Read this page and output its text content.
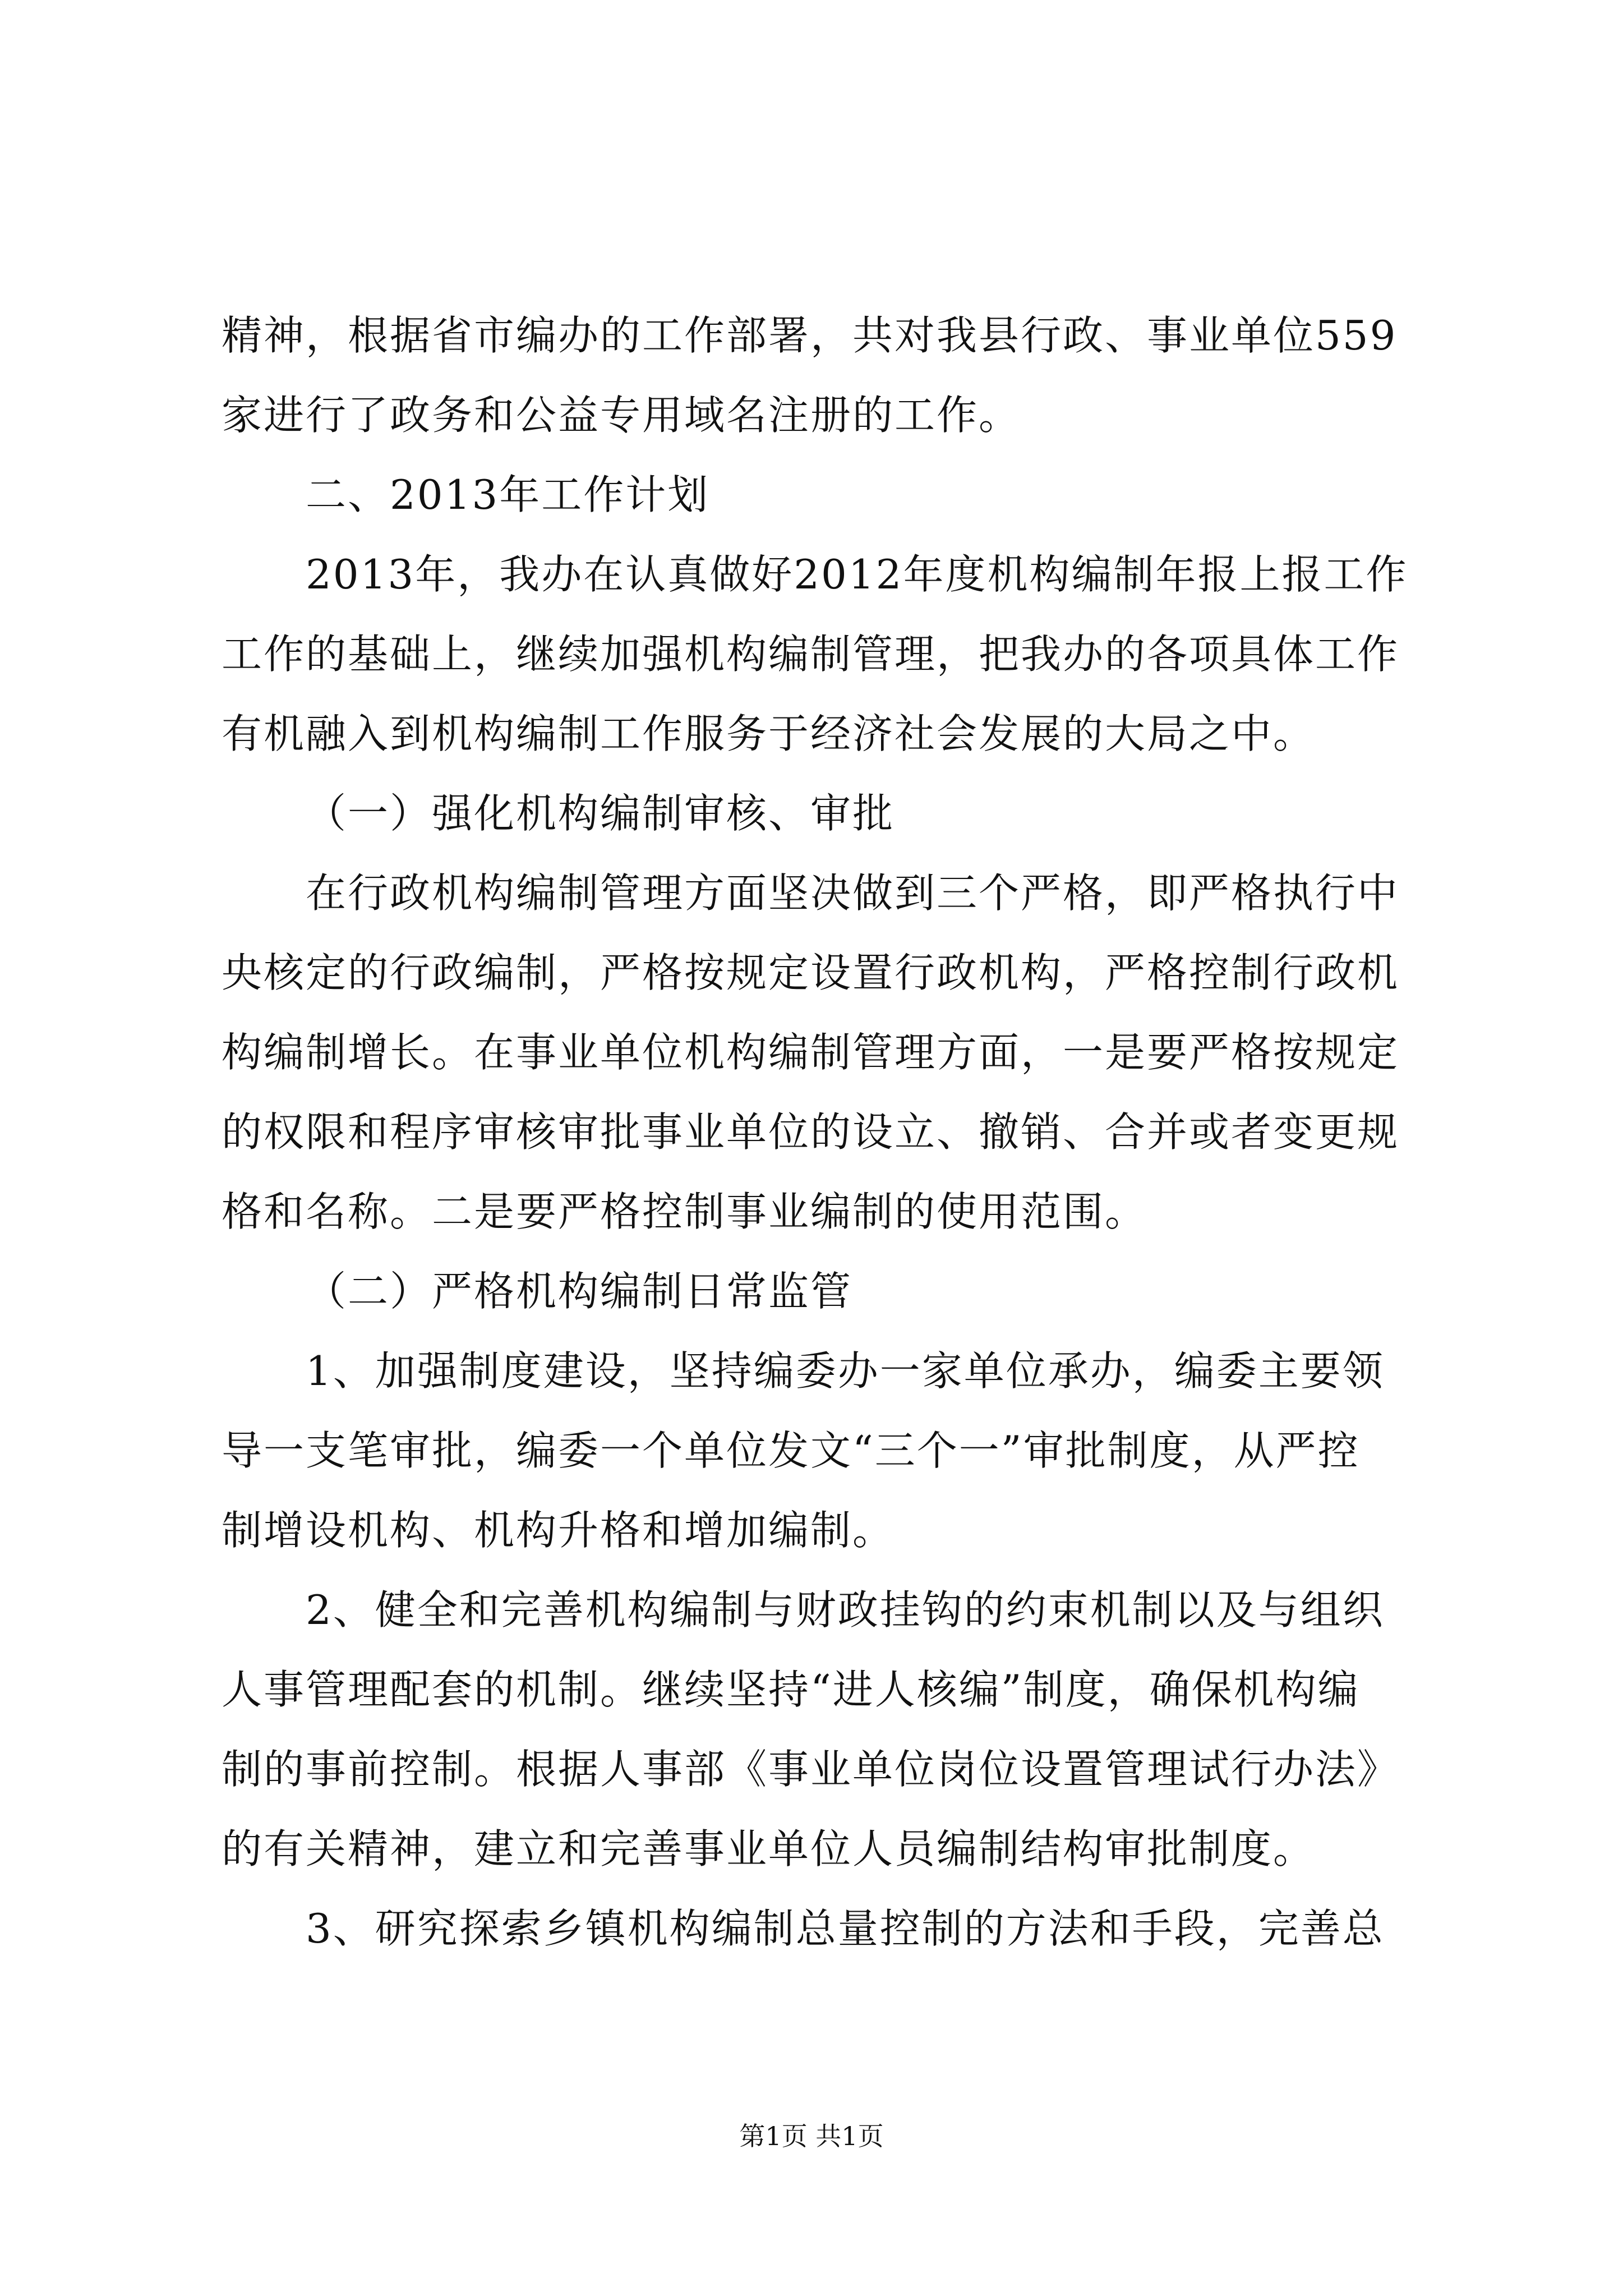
精神，根据省市编办的工作部署，共对我县行政、事业单位559
家进行了政务和公益专用域名注册的工作。
二、2013年工作计划
2013年，我办在认真做好2012年度机构编制年报上报工作
工作的基础上，继续加强机构编制管理，把我办的各项具体工作
有机融入到机构编制工作服务于经济社会发展的大局之中。
（一）强化机构编制审核、审批
在行政机构编制管理方面坚决做到三个严格，即严格执行中
央核定的行政编制，严格按规定设置行政机构，严格控制行政机
构编制增长。在事业单位机构编制管理方面，一是要严格按规定
的权限和程序审核审批事业单位的设立、撤销、合并或者变更规
格和名称。二是要严格控制事业编制的使用范围。
（二）严格机构编制日常监管
1、加强制度建设，坚持编委办一家单位承办，编委主要领
导一支笔审批，编委一个单位发文“三个一”审批制度，从严控
制增设机构、机构升格和增加编制。
2、健全和完善机构编制与财政挂钩的约束机制以及与组织
人事管理配套的机制。继续坚持“进人核编”制度，确保机构编
制的事前控制。根据人事部《事业单位岗位设置管理试行办法》
的有关精神，建立和完善事业单位人员编制结构审批制度。
3、研究探索乡镇机构编制总量控制的方法和手段，完善总
第1页 共1页
